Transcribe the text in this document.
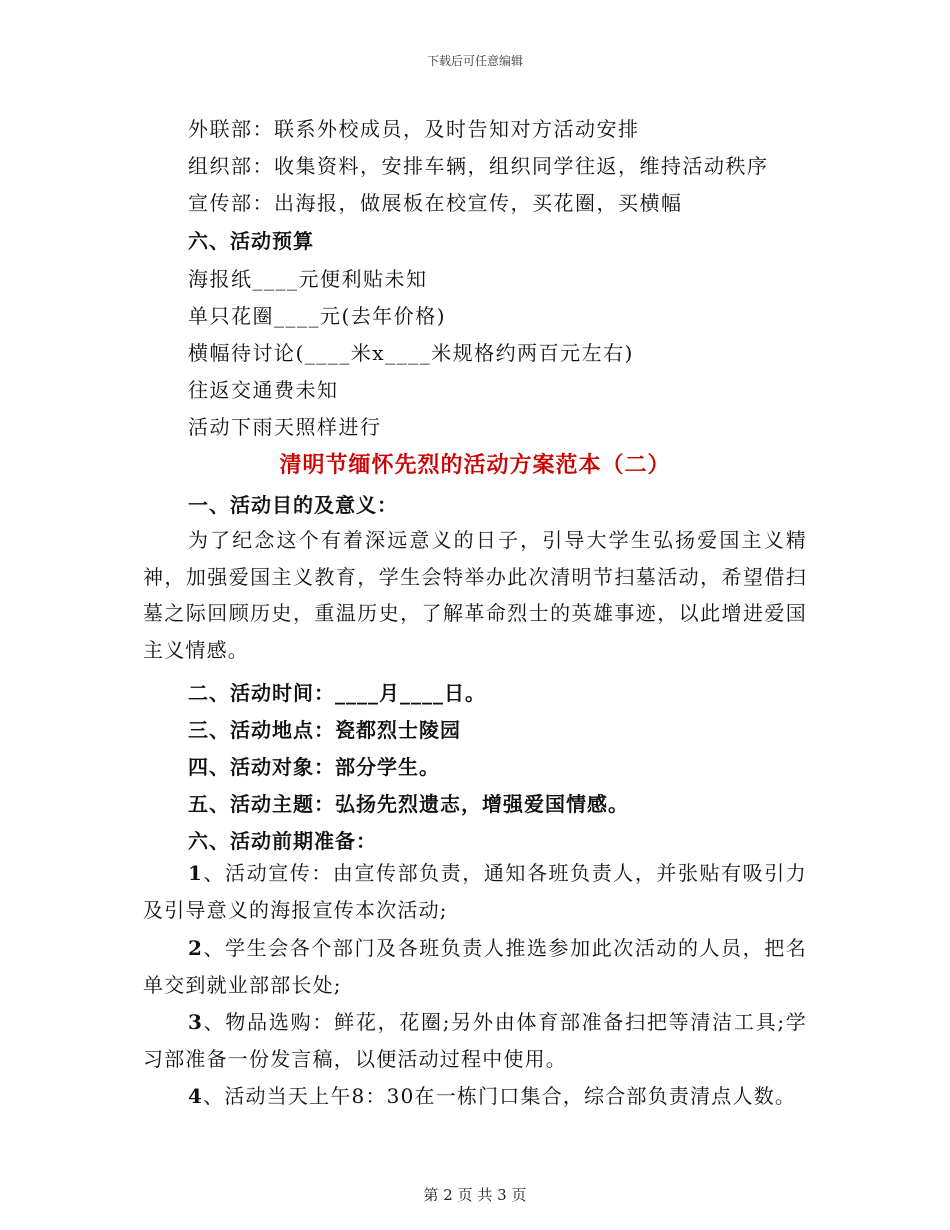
下载后可任意编辑
外联部：联系外校成员，及时告知对方活动安排
组织部：收集资料，安排车辆，组织同学往返，维持活动秩序
宣传部：出海报，做展板在校宣传，买花圈，买横幅
六、活动预算
海报纸____元便利贴未知
单只花圈____元(去年价格)
横幅待讨论(____米x____米规格约两百元左右)
往返交通费未知
活动下雨天照样进行
清明节缅怀先烈的活动方案范本（二）
一、活动目的及意义：
为了纪念这个有着深远意义的日子，引导大学生弘扬爱国主义精神，加强爱国主义教育，学生会特举办此次清明节扫墓活动，希望借扫墓之际回顾历史，重温历史，了解革命烈士的英雄事迹，以此增进爱国主义情感。
二、活动时间：____月____日。
三、活动地点：瓷都烈士陵园
四、活动对象：部分学生。
五、活动主题：弘扬先烈遗志，增强爱国情感。
六、活动前期准备：
1、活动宣传：由宣传部负责，通知各班负责人，并张贴有吸引力及引导意义的海报宣传本次活动;
2、学生会各个部门及各班负责人推选参加此次活动的人员，把名单交到就业部部长处;
3、物品选购：鲜花，花圈;另外由体育部准备扫把等清洁工具;学习部准备一份发言稿，以便活动过程中使用。
4、活动当天上午8：30在一栋门口集合，综合部负责清点人数。
第 2 页 共 3 页
